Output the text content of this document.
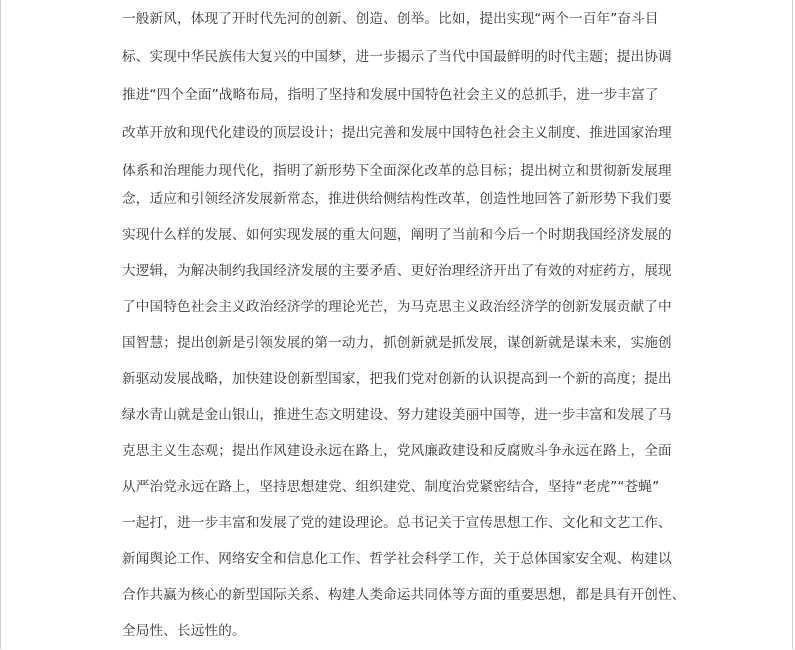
一般新风，体现了开时代先河的创新、创造、创举。比如，提出实现“两个一百年”奋斗目
标、实现中华民族伟大复兴的中国梦，进一步揭示了当代中国最鲜明的时代主题；提出协调
推进“四个全面”战略布局，指明了坚持和发展中国特色社会主义的总抓手，进一步丰富了
改革开放和现代化建设的顶层设计；提出完善和发展中国特色社会主义制度、推进国家治理
体系和治理能力现代化，指明了新形势下全面深化改革的总目标；提出树立和贯彻新发展理
念，适应和引领经济发展新常态，推进供给侧结构性改革，创造性地回答了新形势下我们要
实现什么样的发展、如何实现发展的重大问题，阐明了当前和今后一个时期我国经济发展的
大逻辑，为解决制约我国经济发展的主要矛盾、更好治理经济开出了有效的对症药方，展现
了中国特色社会主义政治经济学的理论光芒，为马克思主义政治经济学的创新发展贡献了中
国智慧；提出创新是引领发展的第一动力，抓创新就是抓发展，谋创新就是谋未来，实施创
新驱动发展战略，加快建设创新型国家，把我们党对创新的认识提高到一个新的高度；提出
绿水青山就是金山银山，推进生态文明建设、努力建设美丽中国等，进一步丰富和发展了马
克思主义生态观；提出作风建设永远在路上，党风廉政建设和反腐败斗争永远在路上，全面
从严治党永远在路上，坚持思想建党、组织建党、制度治党紧密结合，坚持“老虎”“苍蝇”
一起打，进一步丰富和发展了党的建设理论。总书记关于宣传思想工作、文化和文艺工作、
新闻舆论工作、网络安全和信息化工作、哲学社会科学工作，关于总体国家安全观、构建以
合作共赢为核心的新型国际关系、构建人类命运共同体等方面的重要思想，都是具有开创性、
全局性、长远性的。
